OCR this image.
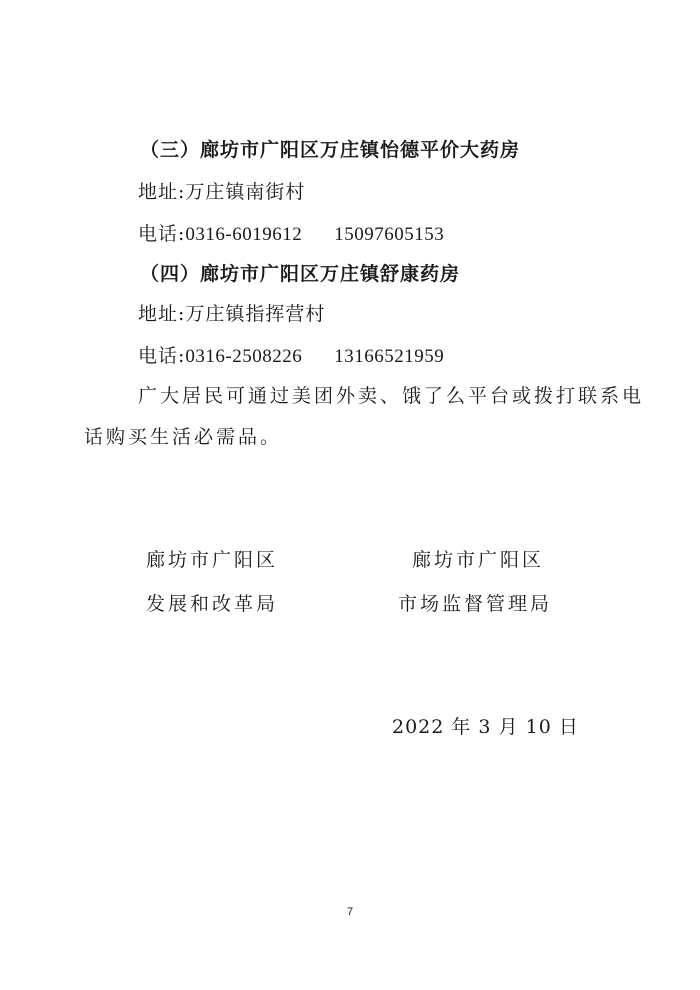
（三）廊坊市广阳区万庄镇怡德平价大药房
地址:万庄镇南街村
电话:0316-6019612 15097605153
（四）廊坊市广阳区万庄镇舒康药房
地址:万庄镇指挥营村
电话:0316-2508226 13166521959
广大居民可通过美团外卖、饿了么平台或拨打联系电
话购买生活必需品。
廊坊市广阳区
发展和改革局
廊坊市广阳区
市场监督管理局
2022 年 3 月 10 日
7
